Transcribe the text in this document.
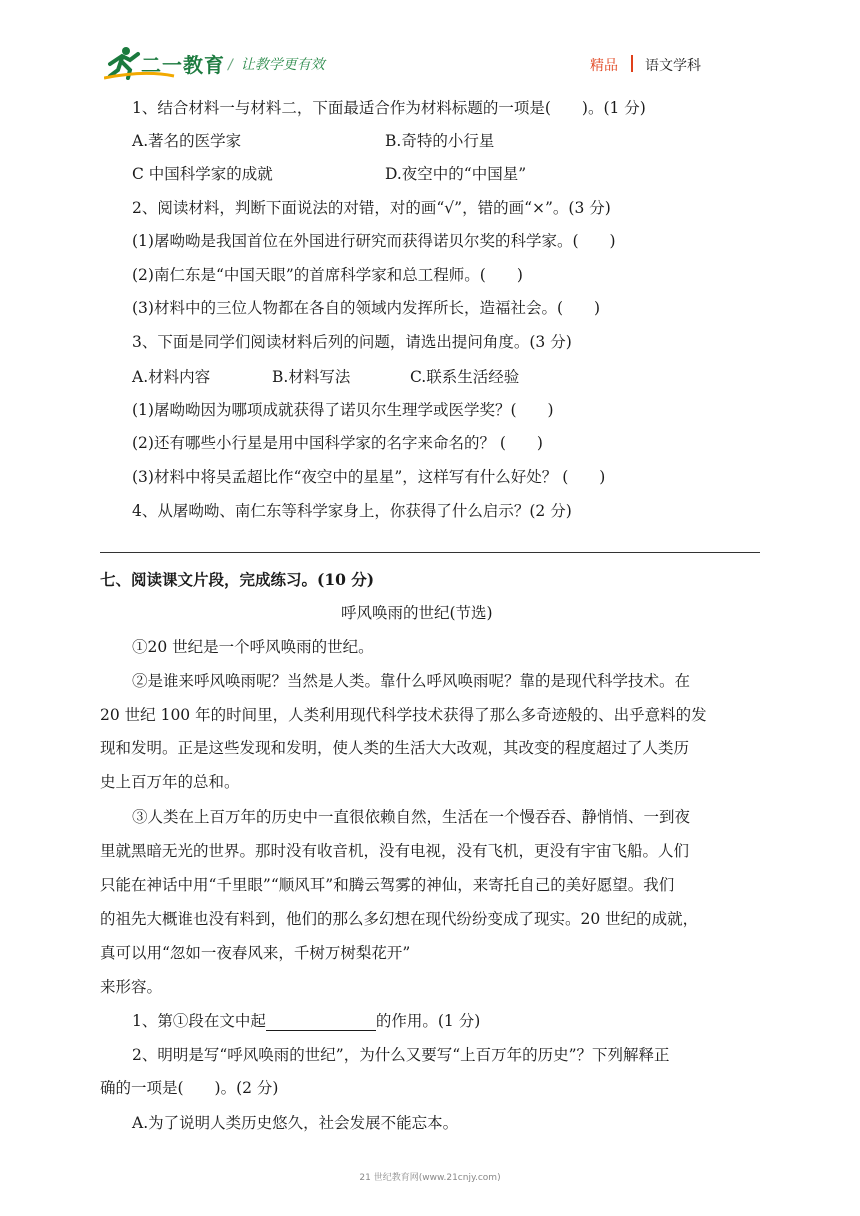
二一教育 / 让教学更有效	精品 语文学科
1、结合材料一与材料二，下面最适合作为材料标题的一项是(　　)。(1 分)
A.著名的医学家	B.奇特的小行星
C 中国科学家的成就	D.夜空中的“中国星”
2、阅读材料，判断下面说法的对错，对的画“√”，错的画“×”。(3 分)
(1)屠呦呦是我国首位在外国进行研究而获得诺贝尔奖的科学家。(　　)
(2)南仁东是“中国天眼”的首席科学家和总工程师。(　　)
(3)材料中的三位人物都在各自的领域内发挥所长，造福社会。(　　)
3、下面是同学们阅读材料后列的问题，请选出提问角度。(3 分)
A.材料内容	B.材料写法	C.联系生活经验
(1)屠呦呦因为哪项成就获得了诺贝尔生理学或医学奖？(　　)
(2)还有哪些小行星是用中国科学家的名字来命名的？ (　　)
(3)材料中将吴孟超比作“夜空中的星星”，这样写有什么好处？ (　　)
4、从屠呦呦、南仁东等科学家身上，你获得了什么启示？(2 分)
七、阅读课文片段，完成练习。(10 分)
呼风唤雨的世纪(节选)
①20 世纪是一个呼风唤雨的世纪。
②是谁来呼风唤雨呢？当然是人类。靠什么呼风唤雨呢？靠的是现代科学技术。在
20 世纪 100 年的时间里，人类利用现代科学技术获得了那么多奇迹般的、出乎意料的发
现和发明。正是这些发现和发明，使人类的生活大大改观，其改变的程度超过了人类历
史上百万年的总和。
③人类在上百万年的历史中一直很依赖自然，生活在一个慢吞吞、静悄悄、一到夜
里就黑暗无光的世界。那时没有收音机，没有电视，没有飞机，更没有宇宙飞船。人们
只能在神话中用“千里眼”“顺风耳”和腾云驾雾的神仙，来寄托自己的美好愿望。我们
的祖先大概谁也没有料到，他们的那么多幻想在现代纷纷变成了现实。20 世纪的成就，
真可以用“忽如一夜春风来，千树万树梨花开”
来形容。
1、第①段在文中起	的作用。(1 分)
2、明明是写“呼风唤雨的世纪”，为什么又要写“上百万年的历史”？下列解释正
确的一项是(　　)。(2 分)
A.为了说明人类历史悠久，社会发展不能忘本。
21 世纪教育网(www.21cnjy.com)
